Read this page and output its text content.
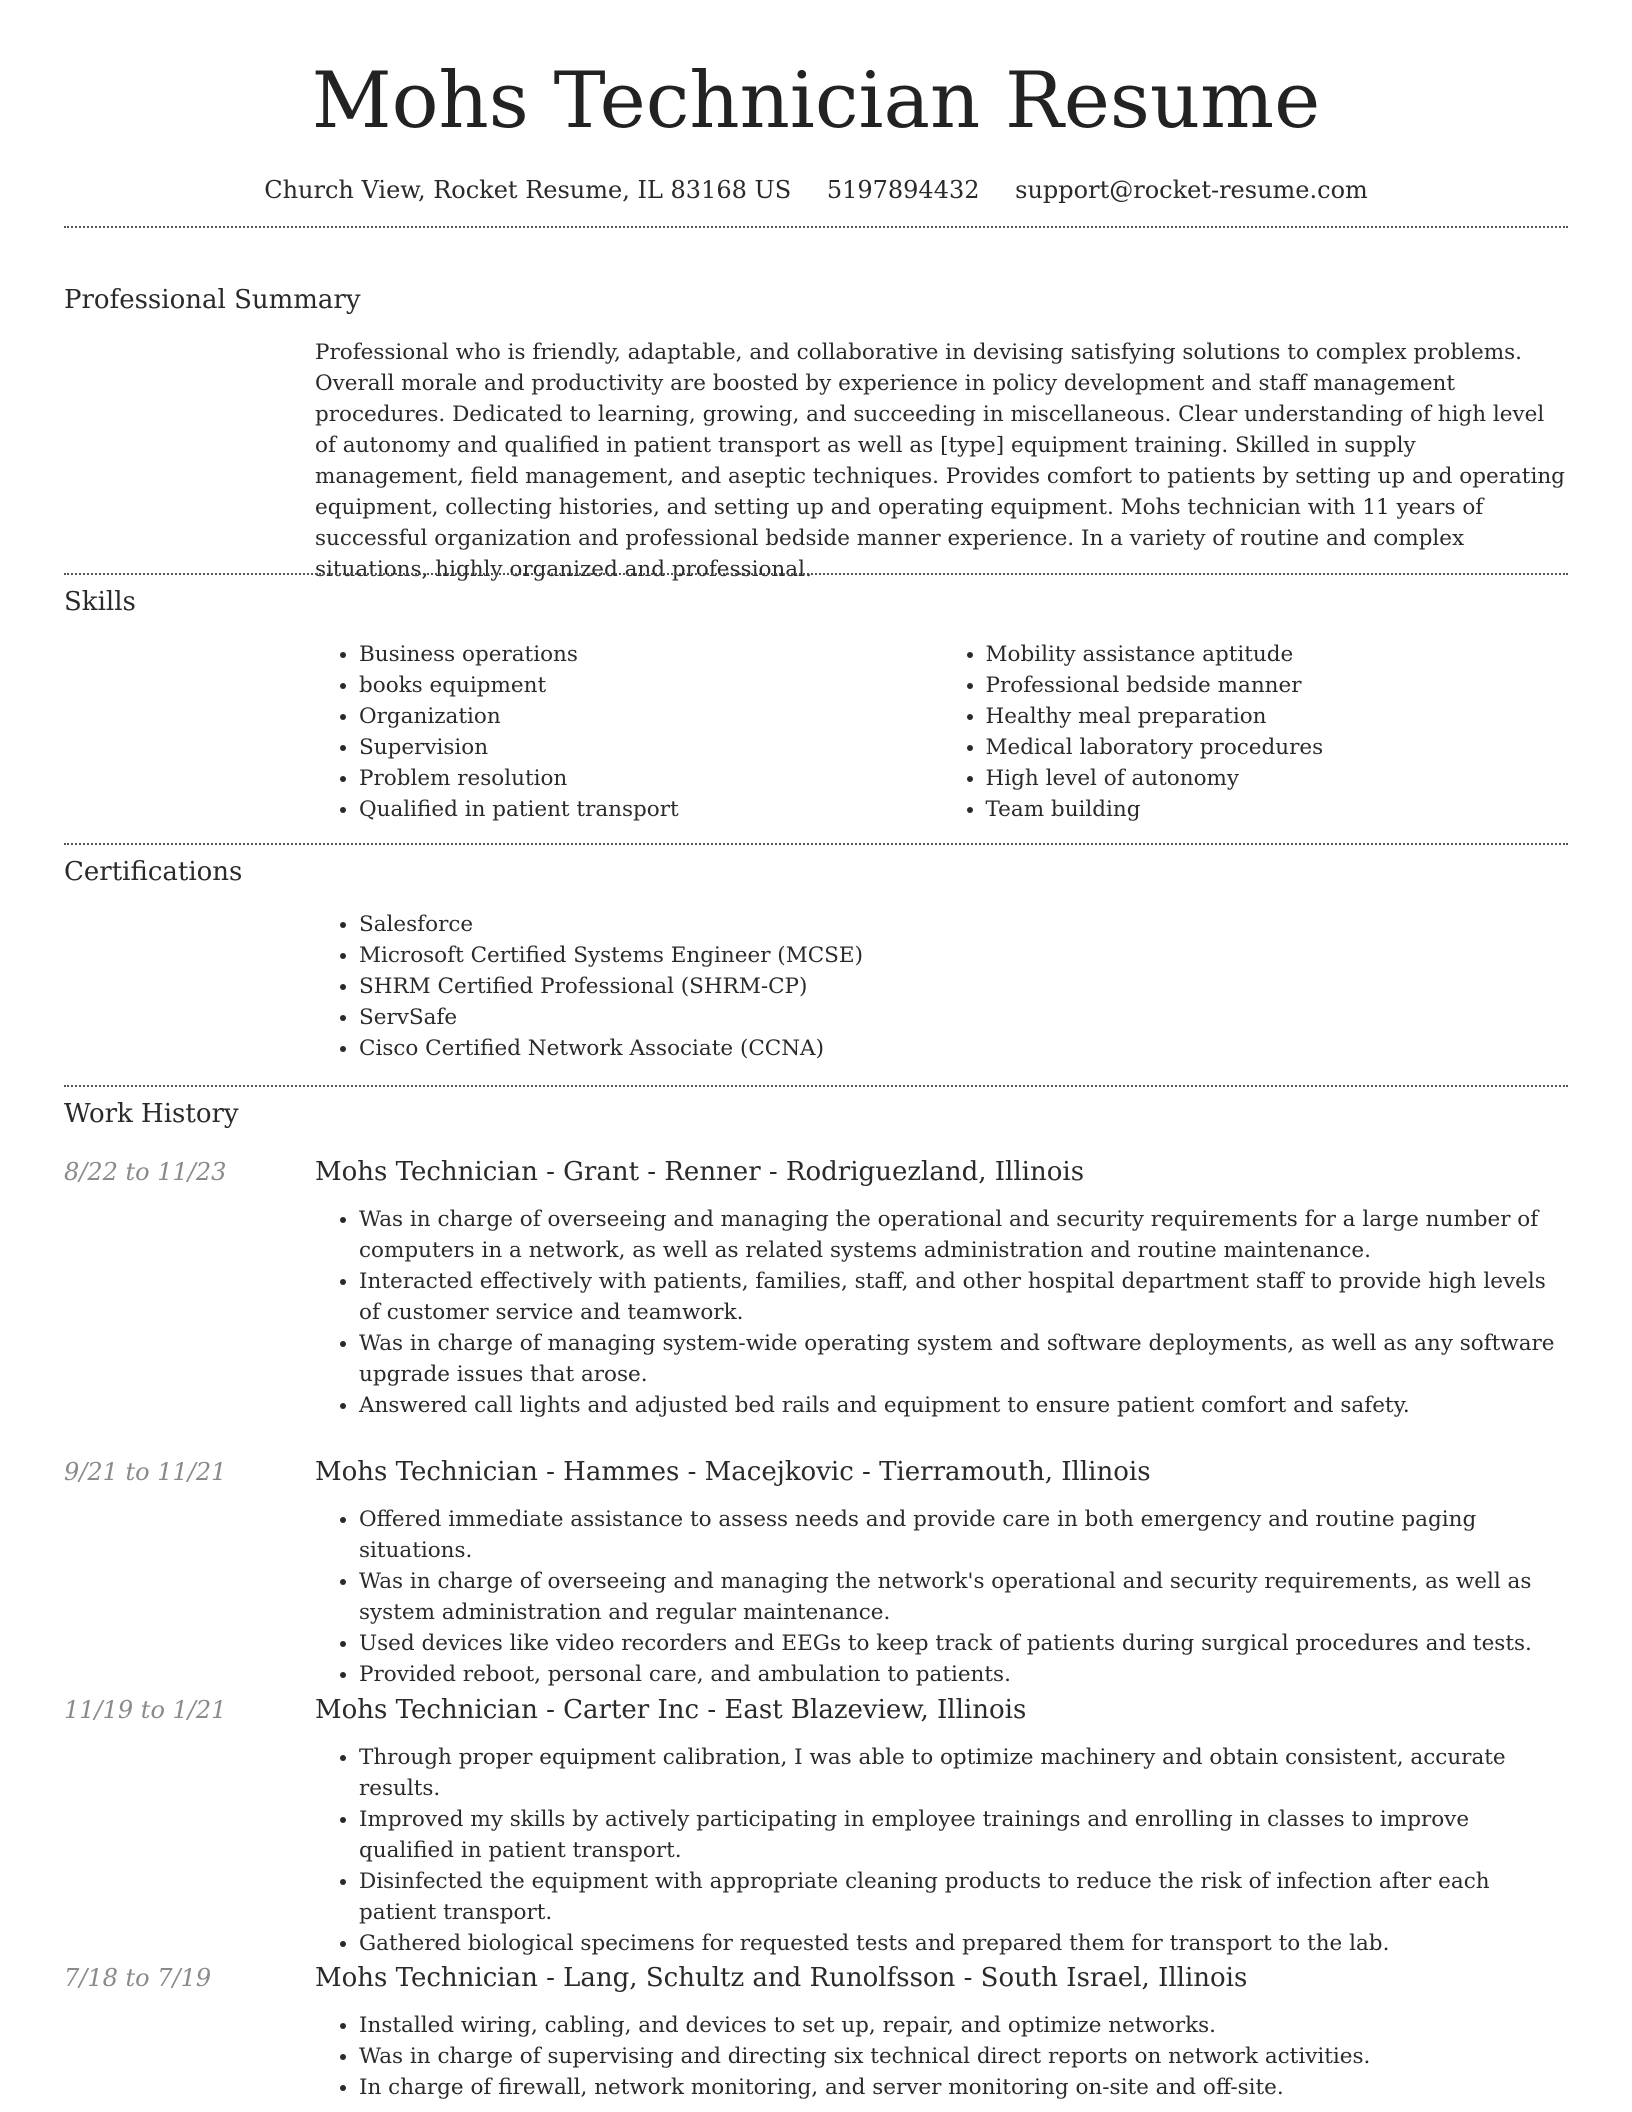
Mohs Technician Resume
Church View, Rocket Resume, IL 83168 US 5197894432 support@rocket-resume.com
Professional Summary

Professional who is friendly, adaptable, and collaborative in devising satisfying solutions to complex problems. Overall morale and productivity are boosted by experience in policy development and staff management procedures. Dedicated to learning, growing, and succeeding in miscellaneous. Clear understanding of high level of autonomy and qualified in patient transport as well as [type] equipment training. Skilled in supply management, field management, and aseptic techniques. Provides comfort to patients by setting up and operating equipment, collecting histories, and setting up and operating equipment. Mohs technician with 11 years of successful organization and professional bedside manner experience. In a variety of routine and complex situations, highly organized and professional.

Skills
• Business operations
• books equipment
• Organization
• Supervision
• Problem resolution
• Qualified in patient transport
• Mobility assistance aptitude
• Professional bedside manner
• Healthy meal preparation
• Medical laboratory procedures
• High level of autonomy
• Team building
Certifications
• Salesforce
• Microsoft Certified Systems Engineer (MCSE)
• SHRM Certified Professional (SHRM-CP)
• ServSafe
• Cisco Certified Network Associate (CCNA)
Work History
8/22 to 11/23	Mohs Technician - Grant - Renner - Rodriguezland, Illinois
• Was in charge of overseeing and managing the operational and security requirements for a large number of computers in a network, as well as related systems administration and routine maintenance.
• Interacted effectively with patients, families, staff, and other hospital department staff to provide high levels of customer service and teamwork.
• Was in charge of managing system-wide operating system and software deployments, as well as any software upgrade issues that arose.
• Answered call lights and adjusted bed rails and equipment to ensure patient comfort and safety.
9/21 to 11/21	Mohs Technician - Hammes - Macejkovic - Tierramouth, Illinois
• Offered immediate assistance to assess needs and provide care in both emergency and routine paging situations.
• Was in charge of overseeing and managing the network's operational and security requirements, as well as system administration and regular maintenance.
• Used devices like video recorders and EEGs to keep track of patients during surgical procedures and tests.
• Provided reboot, personal care, and ambulation to patients.
11/19 to 1/21	Mohs Technician - Carter Inc - East Blazeview, Illinois
• Through proper equipment calibration, I was able to optimize machinery and obtain consistent, accurate results.
• Improved my skills by actively participating in employee trainings and enrolling in classes to improve qualified in patient transport.
• Disinfected the equipment with appropriate cleaning products to reduce the risk of infection after each patient transport.
• Gathered biological specimens for requested tests and prepared them for transport to the lab.
7/18 to 7/19	Mohs Technician - Lang, Schultz and Runolfsson - South Israel, Illinois
• Installed wiring, cabling, and devices to set up, repair, and optimize networks.
• Was in charge of supervising and directing six technical direct reports on network activities.
• In charge of firewall, network monitoring, and server monitoring on-site and off-site.
